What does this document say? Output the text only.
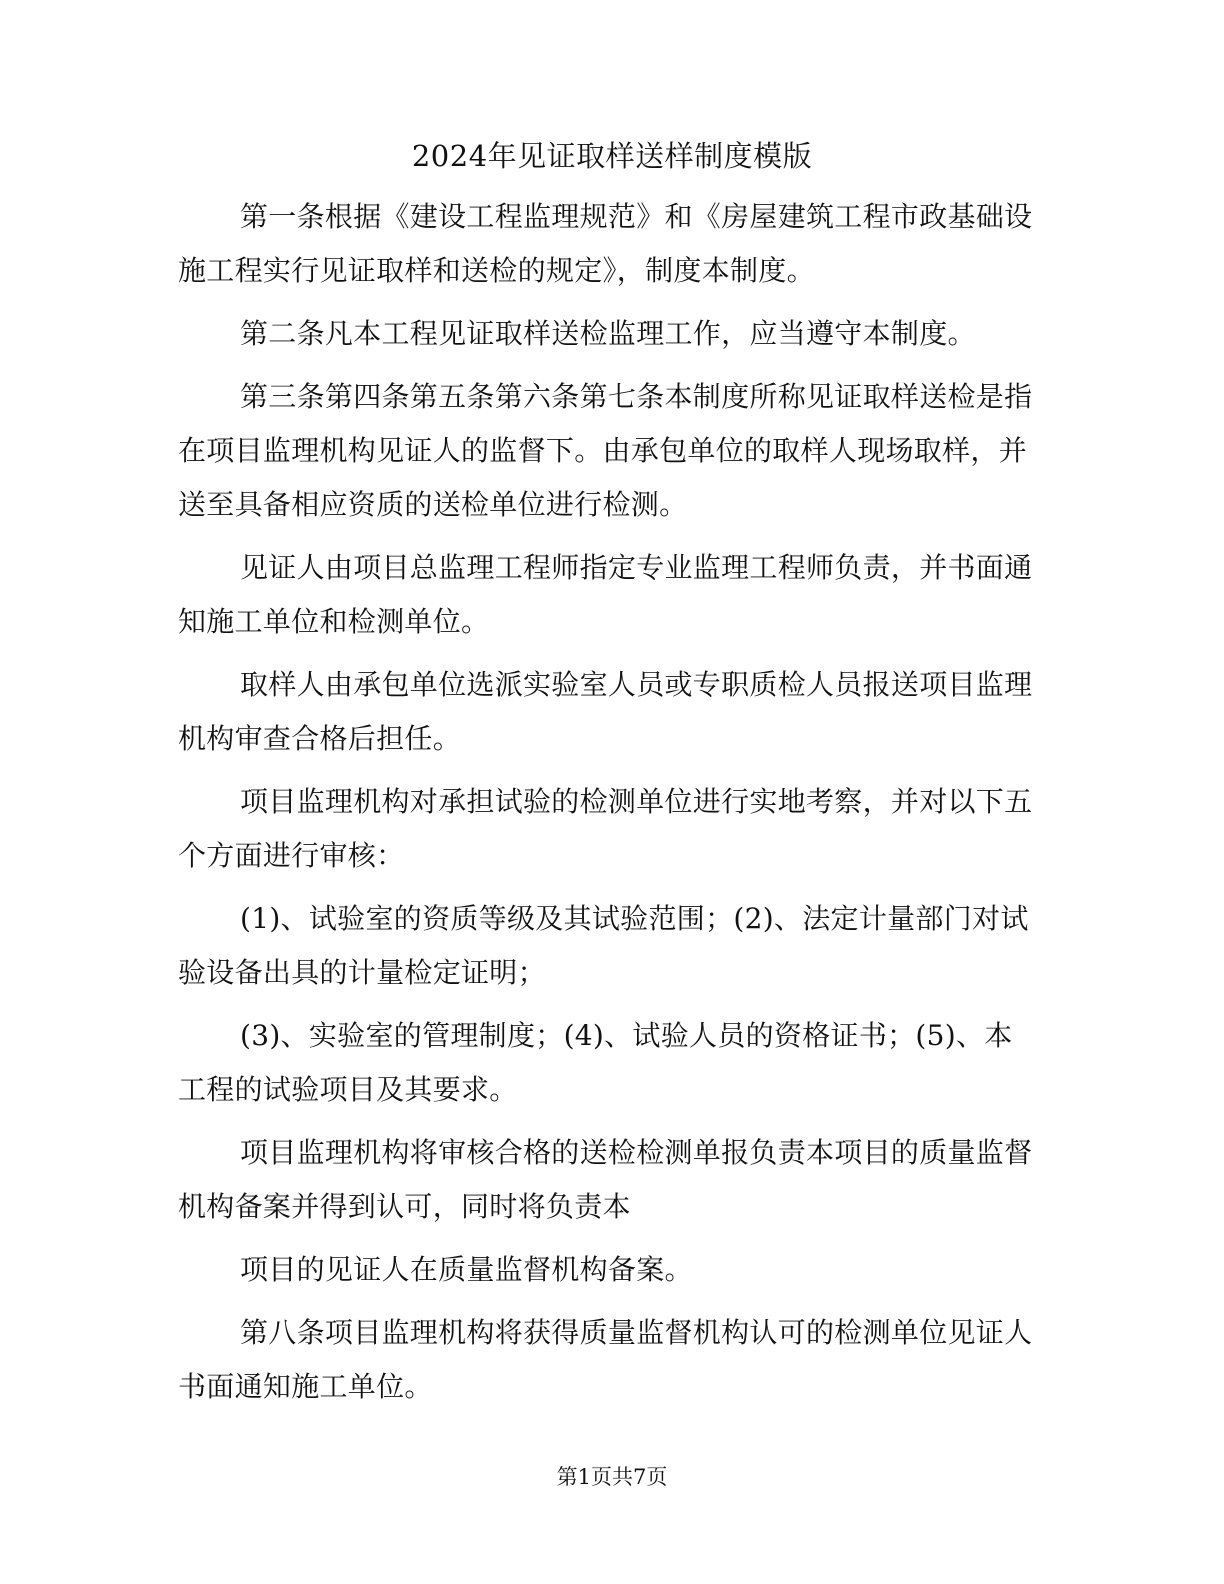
2024年见证取样送样制度模版

第一条根据《建设工程监理规范》和《房屋建筑工程市政基础设施工程实行见证取样和送检的规定》，制度本制度。

第二条凡本工程见证取样送检监理工作，应当遵守本制度。

第三条第四条第五条第六条第七条本制度所称见证取样送检是指在项目监理机构见证人的监督下。由承包单位的取样人现场取样，并送至具备相应资质的送检单位进行检测。

见证人由项目总监理工程师指定专业监理工程师负责，并书面通知施工单位和检测单位。

取样人由承包单位选派实验室人员或专职质检人员报送项目监理机构审查合格后担任。

项目监理机构对承担试验的检测单位进行实地考察，并对以下五个方面进行审核：

(1)、试验室的资质等级及其试验范围；(2)、法定计量部门对试验设备出具的计量检定证明；

(3)、实验室的管理制度；(4)、试验人员的资格证书；(5)、本工程的试验项目及其要求。

项目监理机构将审核合格的送检检测单报负责本项目的质量监督机构备案并得到认可，同时将负责本

项目的见证人在质量监督机构备案。

第八条项目监理机构将获得质量监督机构认可的检测单位见证人书面通知施工单位。

第1页共7页
